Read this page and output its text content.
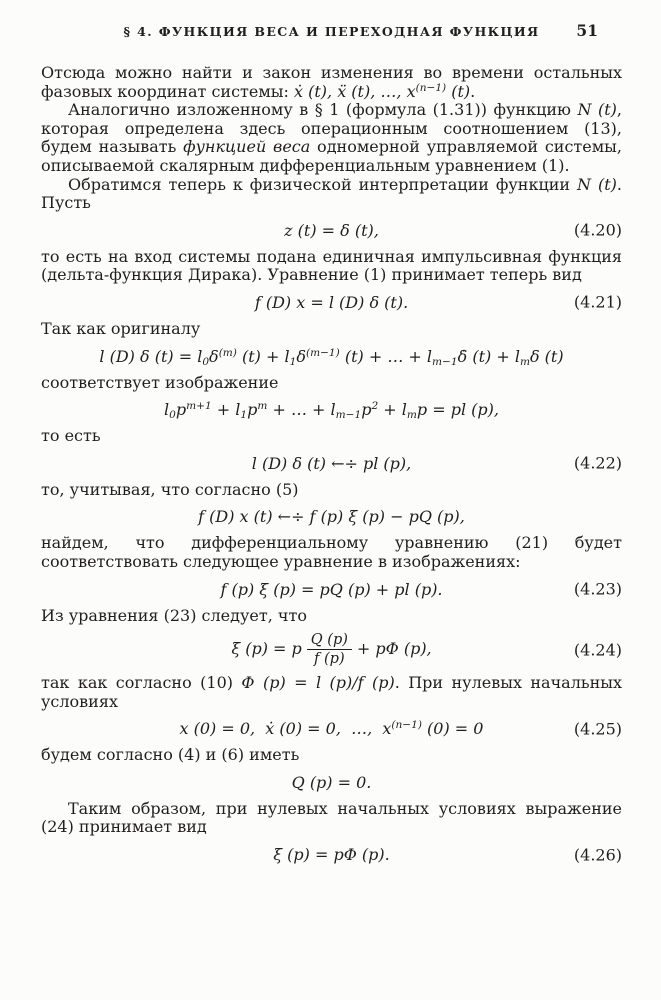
§ 4. ФУНКЦИЯ ВЕСА И ПЕРЕХОДНАЯ ФУНКЦИЯ	51

Отсюда можно найти и закон изменения во времени остальных фазовых координат системы: ẋ (t), ẍ (t), …, $x^{(n-1)}$ (t).

Аналогично изложенному в § 1 (формула (1.31)) функцию N (t), которая определена здесь операционным соотношением (13), будем называть функцией веса одномерной управляемой системы, описываемой скалярным дифференциальным уравнением (1).

Обратимся теперь к физической интерпретации функции N (t). Пусть

z (t) = δ (t),	(4.20)

то есть на вход системы подана единичная импульсивная функция (дельта-функция Дирака). Уравнение (1) принимает теперь вид

f (D) x = l (D) δ (t).	(4.21)

Так как оригиналу

l (D) δ $(t) = l_0\delta^{(m)}$ $(t) + l_1\delta^{(m-1)}$ (t) + … + $l_{m-1}\deltȧ$ $(t) + l_m\delta$ (t)

соответствует изображение

$l_0p^{m+1} + l_1p^m$ + … + $l_{m-1}p^2 + l_mp$ = pl (p),

то есть

l (D) δ (t) ←÷ pl (p),	(4.22)

то, учитывая, что согласно (5)

f (D) x (t) ←÷ f (p) ξ (p) − pQ (p),

найдем, что дифференциальному уравнению (21) будет соответствовать следующее уравнение в изображениях:

f (p) ξ (p) = pQ (p) + pl (p).	(4.23)

Из уравнения (23) следует, что

ξ (p) = p $\frac{Q (p)}{f (p)} + p\Phi$ (p),	(4.24)

так как согласно (10) Φ (p) = l (p)/f (p). При нулевых начальных условиях

x (0) = 0,  ẋ (0) = 0,  …,  $x^{(n-1)}$ (0) = 0	(4.25)

будем согласно (4) и (6) иметь

Q (p) = 0.

Таким образом, при нулевых начальных условиях выражение (24) принимает вид

ξ (p) = pΦ (p).	(4.26)
